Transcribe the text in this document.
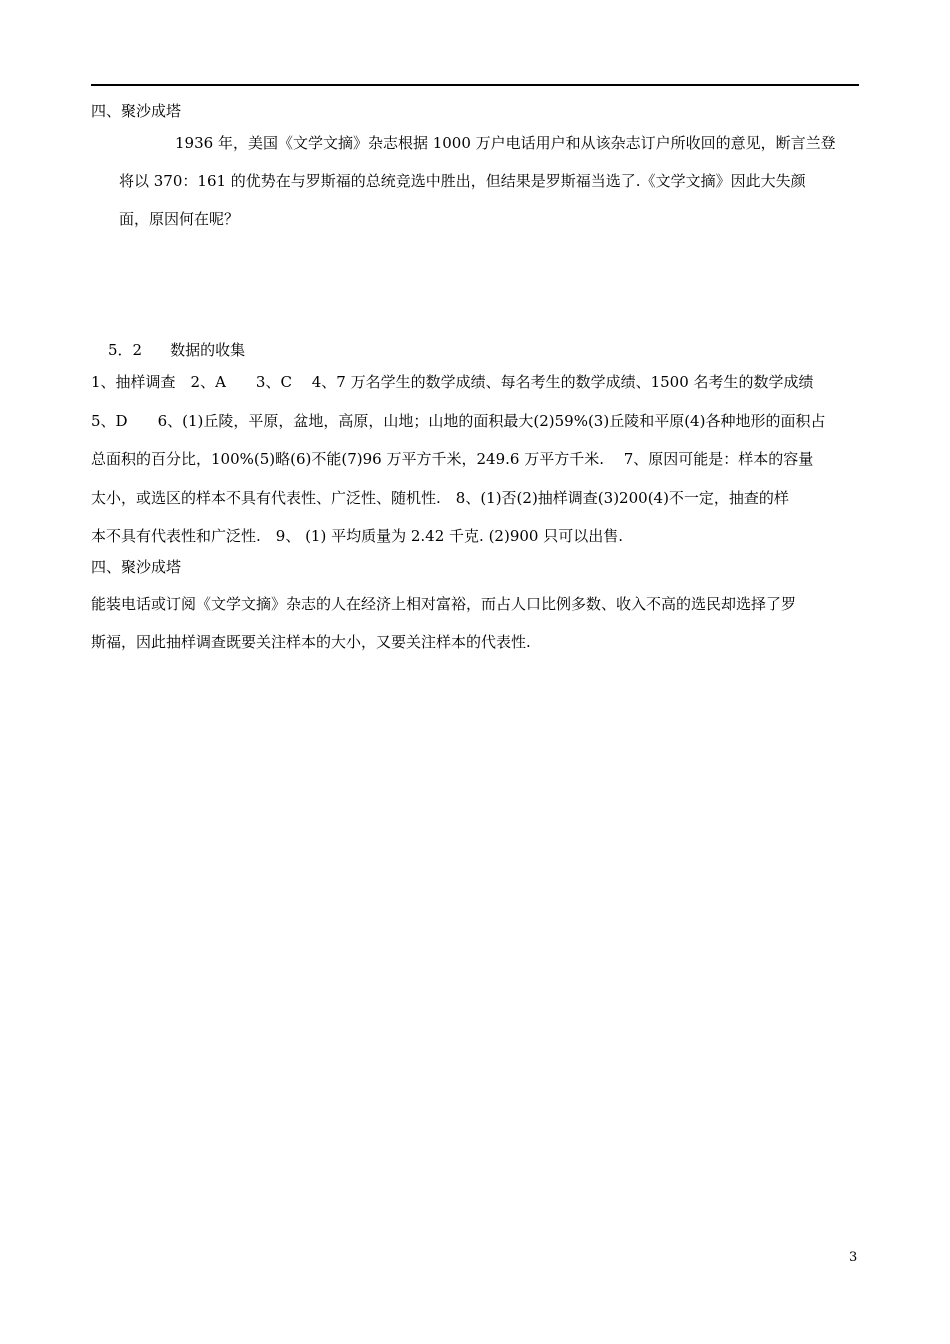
四、聚沙成塔
1936 年，美国《文学文摘》杂志根据 1000 万户电话用户和从该杂志订户所收回的意见，断言兰登
将以 370：161 的优势在与罗斯福的总统竞选中胜出，但结果是罗斯福当选了.《文学文摘》因此大失颜
面，原因何在呢？
5．2 数据的收集
1、抽样调查　2、A　　3、C　 4、7 万名学生的数学成绩、每名考生的数学成绩、1500 名考生的数学成绩
5、D　　6、(1)丘陵，平原，盆地，高原，山地；山地的面积最大(2)59%(3)丘陵和平原(4)各种地形的面积占
总面积的百分比，100%(5)略(6)不能(7)96 万平方千米，249.6 万平方千米.　 7、原因可能是：样本的容量
太小，或选区的样本不具有代表性、广泛性、随机性.　8、(1)否(2)抽样调查(3)200(4)不一定，抽查的样
本不具有代表性和广泛性.　9、 (1) 平均质量为 2.42 千克. (2)900 只可以出售.
四、聚沙成塔
能装电话或订阅《文学文摘》杂志的人在经济上相对富裕，而占人口比例多数、收入不高的选民却选择了罗
斯福，因此抽样调查既要关注样本的大小，又要关注样本的代表性.
3
